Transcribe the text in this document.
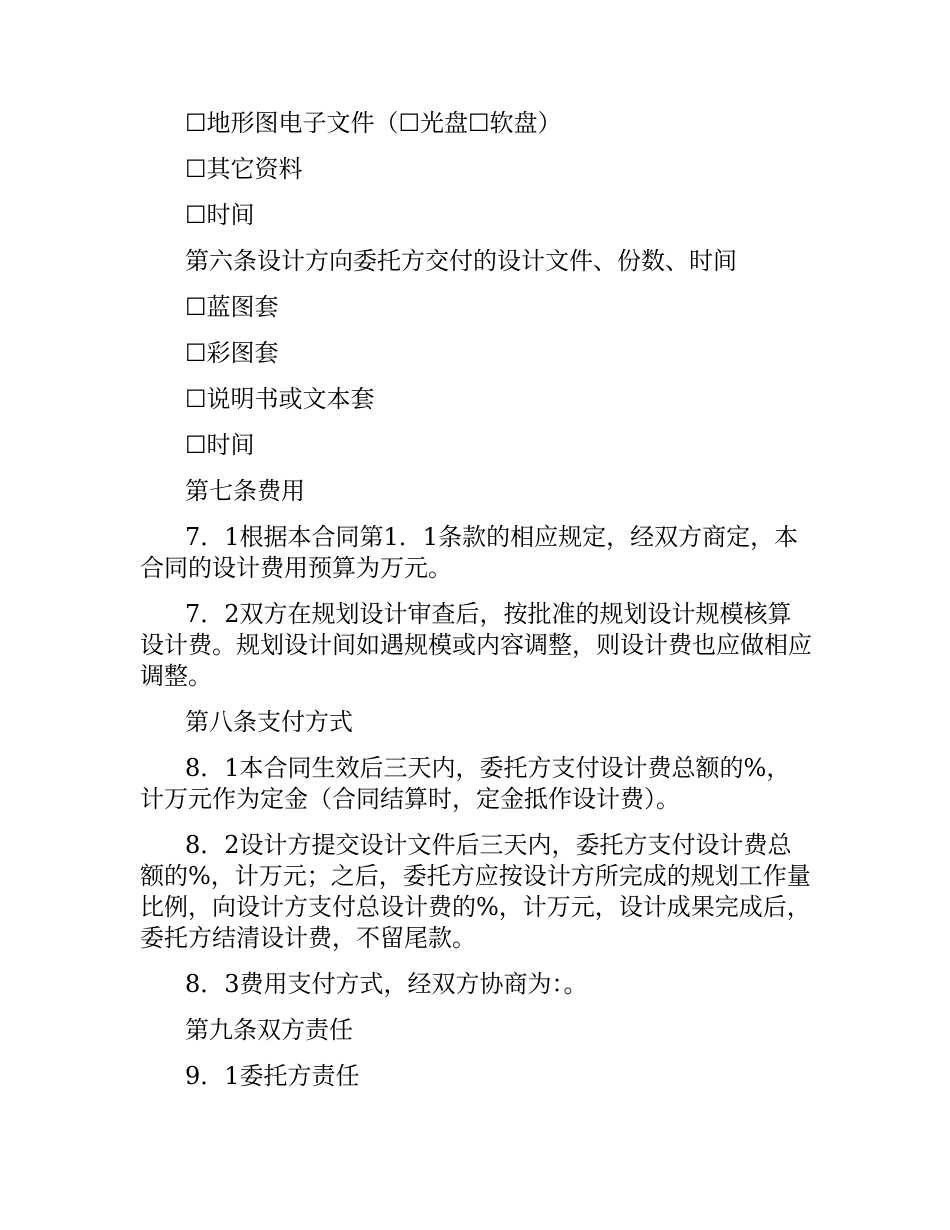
☐地形图电子文件（☐光盘☐软盘）

☐其它资料

☐时间

第六条设计方向委托方交付的设计文件、份数、时间

☐蓝图套

☐彩图套

☐说明书或文本套

☐时间

第七条费用

7．1根据本合同第1．1条款的相应规定，经双方商定，本合同的设计费用预算为万元。

7．2双方在规划设计审查后，按批准的规划设计规模核算设计费。规划设计间如遇规模或内容调整，则设计费也应做相应调整。

第八条支付方式

8．1本合同生效后三天内，委托方支付设计费总额的%，计万元作为定金（合同结算时，定金抵作设计费）。

8．2设计方提交设计文件后三天内，委托方支付设计费总额的%，计万元；之后，委托方应按设计方所完成的规划工作量比例，向设计方支付总设计费的%，计万元，设计成果完成后，委托方结清设计费，不留尾款。

8．3费用支付方式，经双方协商为：。

第九条双方责任

9．1委托方责任
